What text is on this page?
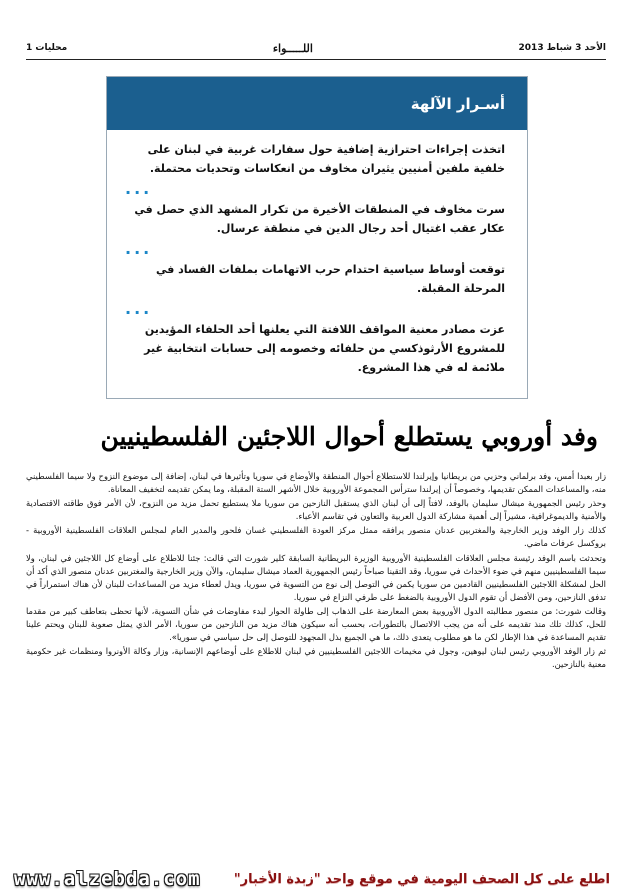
الأحد 3 شباط 2013
اللـــــواء
محليات 1
أسـرار الآلهة
اتخذت إجراءات احترازية إضافية حول سفارات غربية في لبنان على خلفية ملفين أمنيين يثيران مخاوف من انعكاسات وتحديات محتملة.
...
سرت مخاوف في المنطقات الأخيرة من تكرار المشهد الذي حصل في عكار عقب اغتيال أحد رجال الدين في منطقة عرسال.
...
توقعت أوساط سياسية احتدام حرب الاتهامات بملفات الفساد في المرحلة المقبلة.
...
عزت مصادر معنية المواقف اللافتة التي يعلنها أحد الحلفاء المؤيدين للمشروع الأرثوذكسي من حلفائه وخصومه إلى حسابات انتخابية غير ملائمة له في هذا المشروع.
وفد أوروبي يستطلع أحوال اللاجئين الفلسطينيين

زار بعبدا أمس، وفد برلماني وحزبي من بريطانيا وإيرلندا للاستطلاع أحوال المنطقة والأوضاع في سوريا وتأثيرها في لبنان، إضافة إلى موضوع النزوح ولا سيما الفلسطيني منه، والمساعدات الممكن تقديمها، وخصوصاً أن إيرلندا سترأس المجموعة الأوروبية خلال الأشهر الستة المقبلة، وما يمكن تقديمه لتخفيف المعاناة.

وحذر رئيس الجمهورية ميشال سليمان بالوفد، لافتاً إلى أن لبنان الذي يستقبل النازحين من سوريا ملا يستطيع تحمل مزيد من النزوح، لأن الأمر فوق طاقته الاقتصادية والأمنية والديموغرافية، مشيراً إلى أهمية مشاركة الدول العربية والتعاون في تقاسم الأعباء.

كذلك زار الوفد وزير الخارجية والمغتربين عدنان منصور يرافقه ممثل مركز العودة الفلسطيني غسان فلحور والمدير العام لمجلس العلاقات الفلسطينية الأوروبية - بروكسل عرفات ماضي.

وتحدثت باسم الوفد رئيسة مجلس العلاقات الفلسطينية الأوروبية الوزيرة البريطانية السابقة كلير شورت التي قالت: جئنا للاطلاع على أوضاع كل اللاجئين في لبنان، ولا سيما الفلسطينيين منهم في ضوء الأحداث في سوريا، وقد التقينا صباحاً رئيس الجمهورية العماد ميشال سليمان، والآن وزير الخارجية والمغتربين عدنان منصور الذي أكد أن الحل لمشكلة اللاجئين الفلسطينيين القادمين من سوريا يكمن في التوصل إلى نوع من التسوية في سوريا، ويدل لعطاء مزيد من المساعدات للبنان لأن هناك استمراراً في تدفق النازحين، ومن الأفضل أن تقوم الدول الأوروبية بالضغط على طرفي النزاع في سوريا.

وقالت شورت: من منصور مطالبته الدول الأوروبية بعض المعارضة على الذهاب إلى طاولة الحوار لبدء مفاوضات في شأن التسوية، لأنها تحظى بتعاطف كبير من مقدما للحل، كذلك تلك منذ تقديمه على أنه من يجب الالاتصال بالتطورات، بحسب أنه سيكون هناك مزيد من النازحين من سوريا، الأمر الذي يمثل صعوبة للبنان ويحتم علينا تقديم المساعدة في هذا الإطار لكن ما هو مطلوب يتعدى ذلك، ما هي الجميع بذل المجهود للتوصل إلى حل سياسي في سوريا».

ثم زار الوفد الأوروبي رئيس لبنان ليوهين، وجول في مخيمات اللاجئين الفلسطينيين في لبنان للاطلاع على أوضاعهم الإنسانية، وزار وكالة الأونروا ومنظمات غير حكومية معنية بالنازحين.

اطلع على كل الصحف اليومية في موقع واحد "زبدة الأخبار"
www.alzebda.com
